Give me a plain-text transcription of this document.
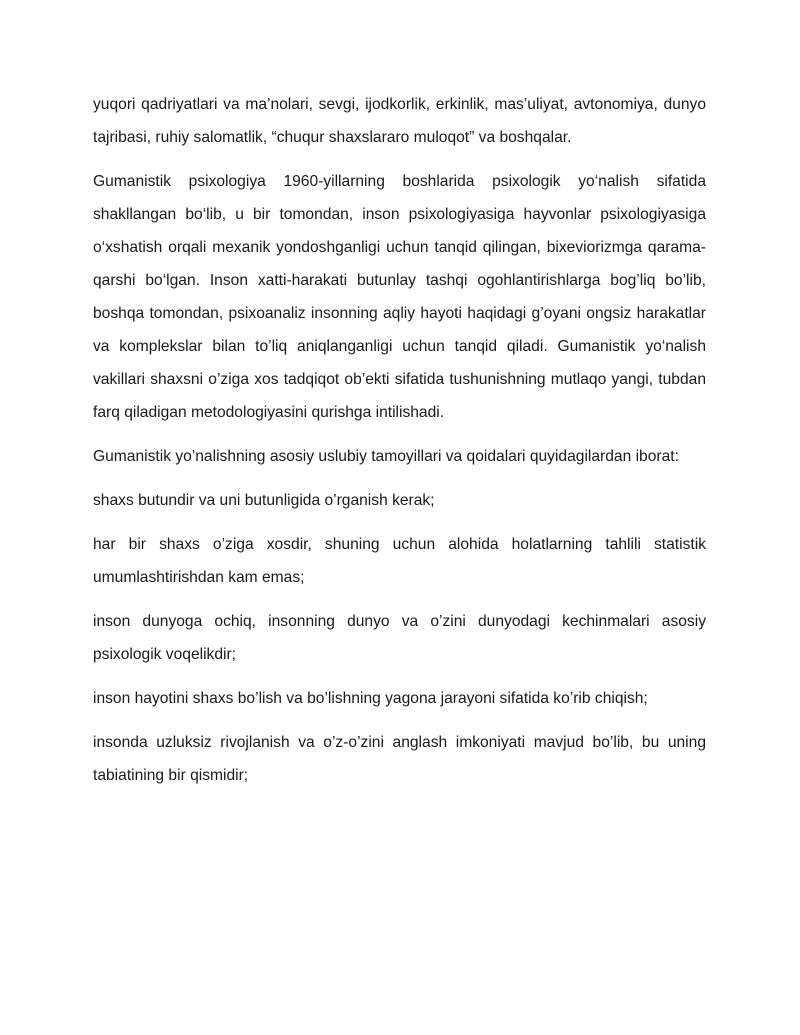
yuqori qadriyatlari va ma’nolari, sevgi, ijodkorlik, erkinlik, mas’uliyat, avtonomiya, dunyo tajribasi, ruhiy salomatlik, “chuqur shaxslararo muloqot” va boshqalar.

Gumanistik psixologiya 1960-yillarning boshlarida psixologik yo‘nalish sifatida shakllangan bo‘lib, u bir tomondan, inson psixologiyasiga hayvonlar psixologiyasiga o‘xshatish orqali mexanik yondoshganligi uchun tanqid qilingan, bixeviorizmga qarama-qarshi bo‘lgan. Inson xatti-harakati butunlay tashqi ogohlantirishlarga bog’liq bo’lib, boshqa tomondan, psixoanaliz insonning aqliy hayoti haqidagi g’oyani ongsiz harakatlar va komplekslar bilan to’liq aniqlanganligi uchun tanqid qiladi. Gumanistik yo‘nalish vakillari shaxsni o’ziga xos tadqiqot ob’ekti sifatida tushunishning mutlaqo yangi, tubdan farq qiladigan metodologiyasini qurishga intilishadi.

Gumanistik yo’nalishning asosiy uslubiy tamoyillari va qoidalari quyidagilardan iborat:

shaxs butundir va uni butunligida o’rganish kerak;

har bir shaxs o’ziga xosdir, shuning uchun alohida holatlarning tahlili statistik umumlashtirishdan kam emas;

inson dunyoga ochiq, insonning dunyo va o’zini dunyodagi kechinmalari asosiy psixologik voqelikdir;

inson hayotini shaxs bo’lish va bo’lishning yagona jarayoni sifatida ko’rib chiqish;

insonda uzluksiz rivojlanish va o’z-o’zini anglash imkoniyati mavjud bo’lib, bu uning tabiatining bir qismidir;
